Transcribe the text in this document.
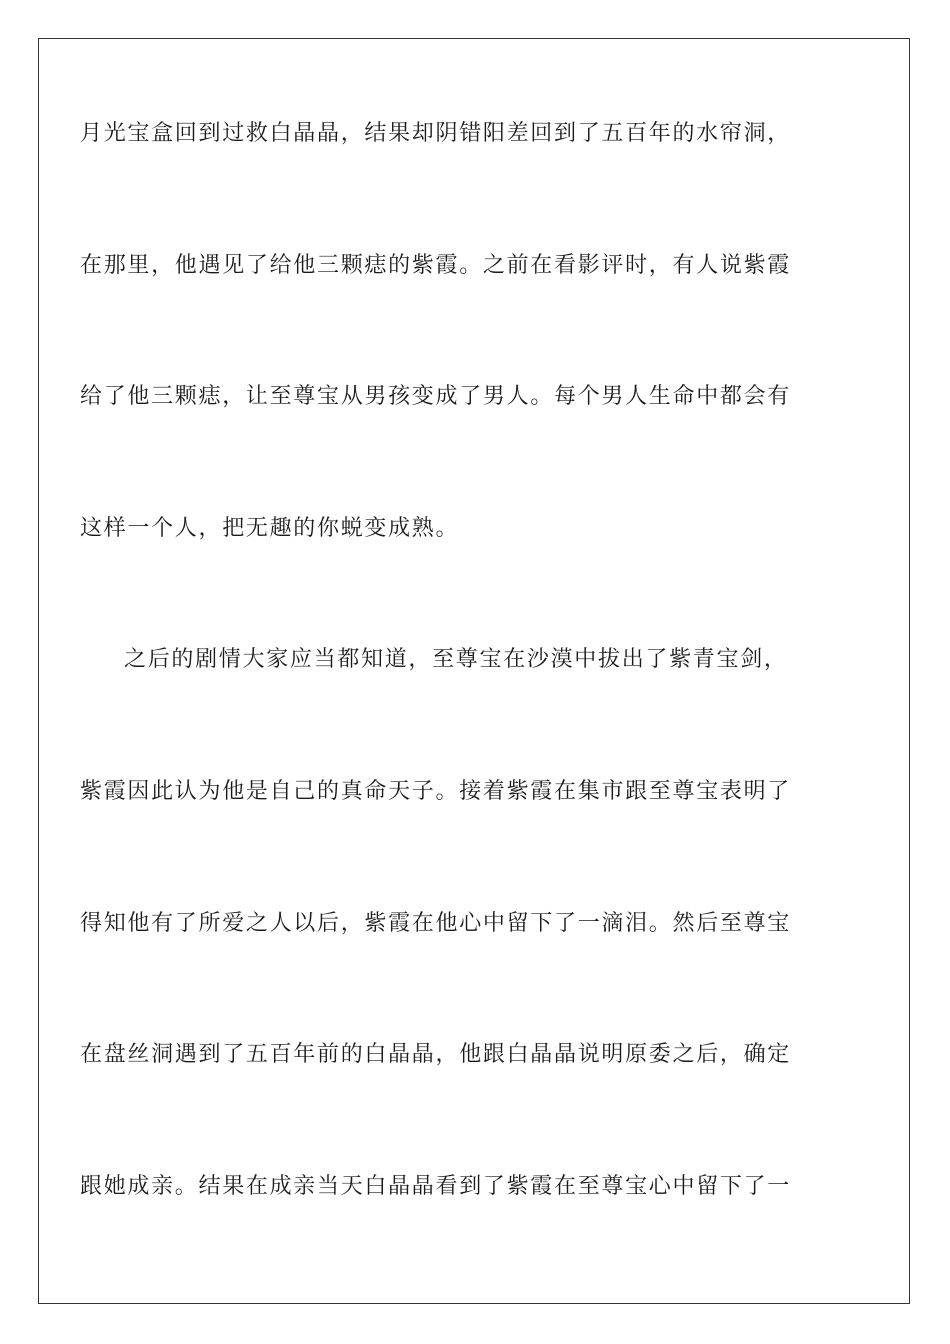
月光宝盒回到过救白晶晶，结果却阴错阳差回到了五百年的水帘洞，
在那里，他遇见了给他三颗痣的紫霞。之前在看影评时，有人说紫霞
给了他三颗痣，让至尊宝从男孩变成了男人。每个男人生命中都会有
这样一个人，把无趣的你蜕变成熟。
之后的剧情大家应当都知道，至尊宝在沙漠中拔出了紫青宝剑，
紫霞因此认为他是自己的真命天子。接着紫霞在集市跟至尊宝表明了
得知他有了所爱之人以后，紫霞在他心中留下了一滴泪。然后至尊宝
在盘丝洞遇到了五百年前的白晶晶，他跟白晶晶说明原委之后，确定
跟她成亲。结果在成亲当天白晶晶看到了紫霞在至尊宝心中留下了一
